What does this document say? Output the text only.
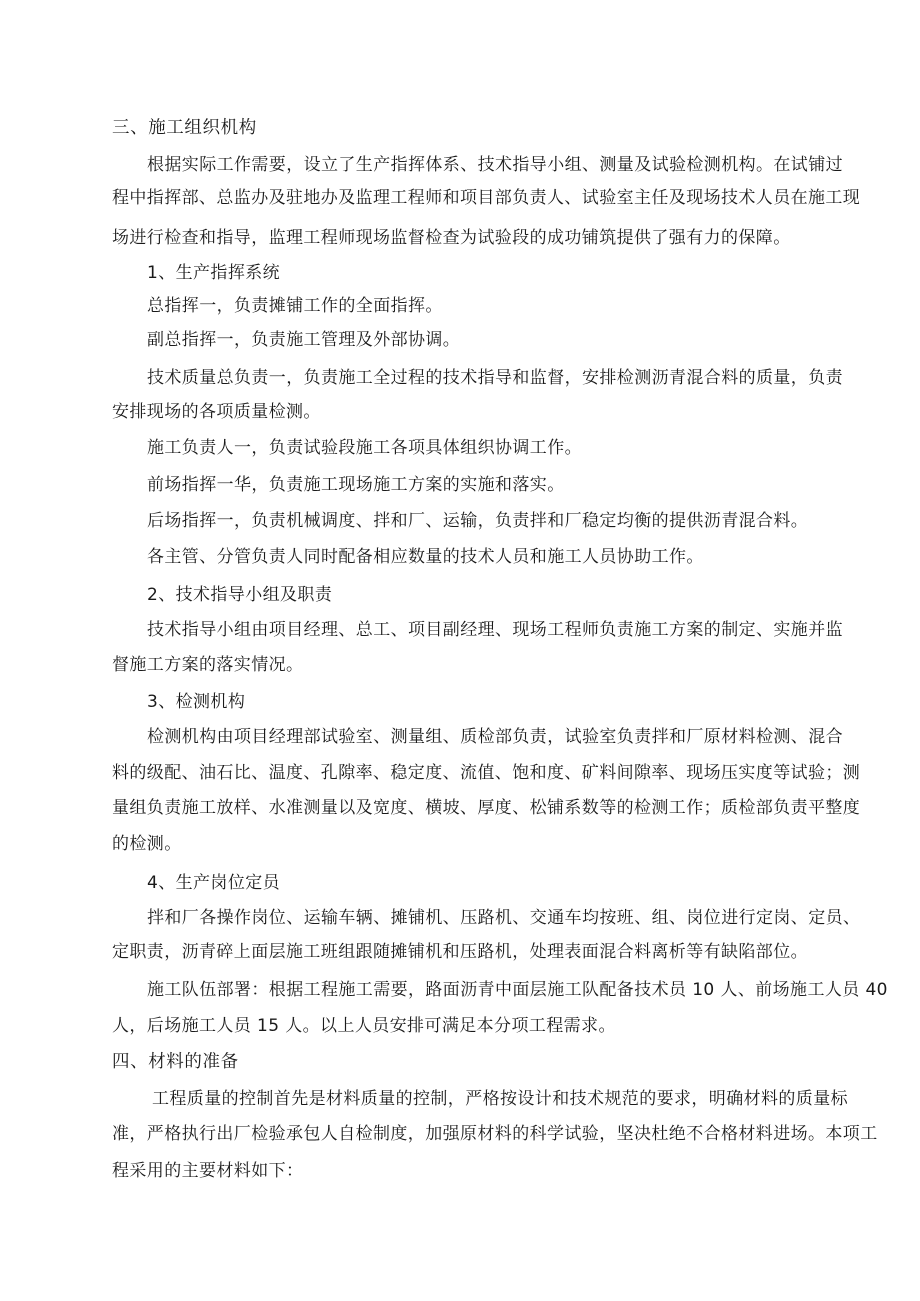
三、施工组织机构
根据实际工作需要，设立了生产指挥体系、技术指导小组、测量及试验检测机构。在试铺过
程中指挥部、总监办及驻地办及监理工程师和项目部负责人、试验室主任及现场技术人员在施工现
场进行检查和指导，监理工程师现场监督检查为试验段的成功铺筑提供了强有力的保障。
1、生产指挥系统
总指挥一，负责摊铺工作的全面指挥。
副总指挥一，负责施工管理及外部协调。
技术质量总负责一，负责施工全过程的技术指导和监督，安排检测沥青混合料的质量，负责
安排现场的各项质量检测。
施工负责人一，负责试验段施工各项具体组织协调工作。
前场指挥一华，负责施工现场施工方案的实施和落实。
后场指挥一，负责机械调度、拌和厂、运输，负责拌和厂稳定均衡的提供沥青混合料。
各主管、分管负责人同时配备相应数量的技术人员和施工人员协助工作。
2、技术指导小组及职责
技术指导小组由项目经理、总工、项目副经理、现场工程师负责施工方案的制定、实施并监
督施工方案的落实情况。
3、检测机构
检测机构由项目经理部试验室、测量组、质检部负责，试验室负责拌和厂原材料检测、混合
料的级配、油石比、温度、孔隙率、稳定度、流值、饱和度、矿料间隙率、现场压实度等试验；测
量组负责施工放样、水准测量以及宽度、横坡、厚度、松铺系数等的检测工作；质检部负责平整度
的检测。
4、生产岗位定员
拌和厂各操作岗位、运输车辆、摊铺机、压路机、交通车均按班、组、岗位进行定岗、定员、
定职责，沥青碎上面层施工班组跟随摊铺机和压路机，处理表面混合料离析等有缺陷部位。
施工队伍部署：根据工程施工需要，路面沥青中面层施工队配备技术员 10 人、前场施工人员 40
人，后场施工人员 15 人。以上人员安排可满足本分项工程需求。
四、材料的准备
工程质量的控制首先是材料质量的控制，严格按设计和技术规范的要求，明确材料的质量标
准，严格执行出厂检验承包人自检制度，加强原材料的科学试验，坚决杜绝不合格材料进场。本项工
程采用的主要材料如下：
